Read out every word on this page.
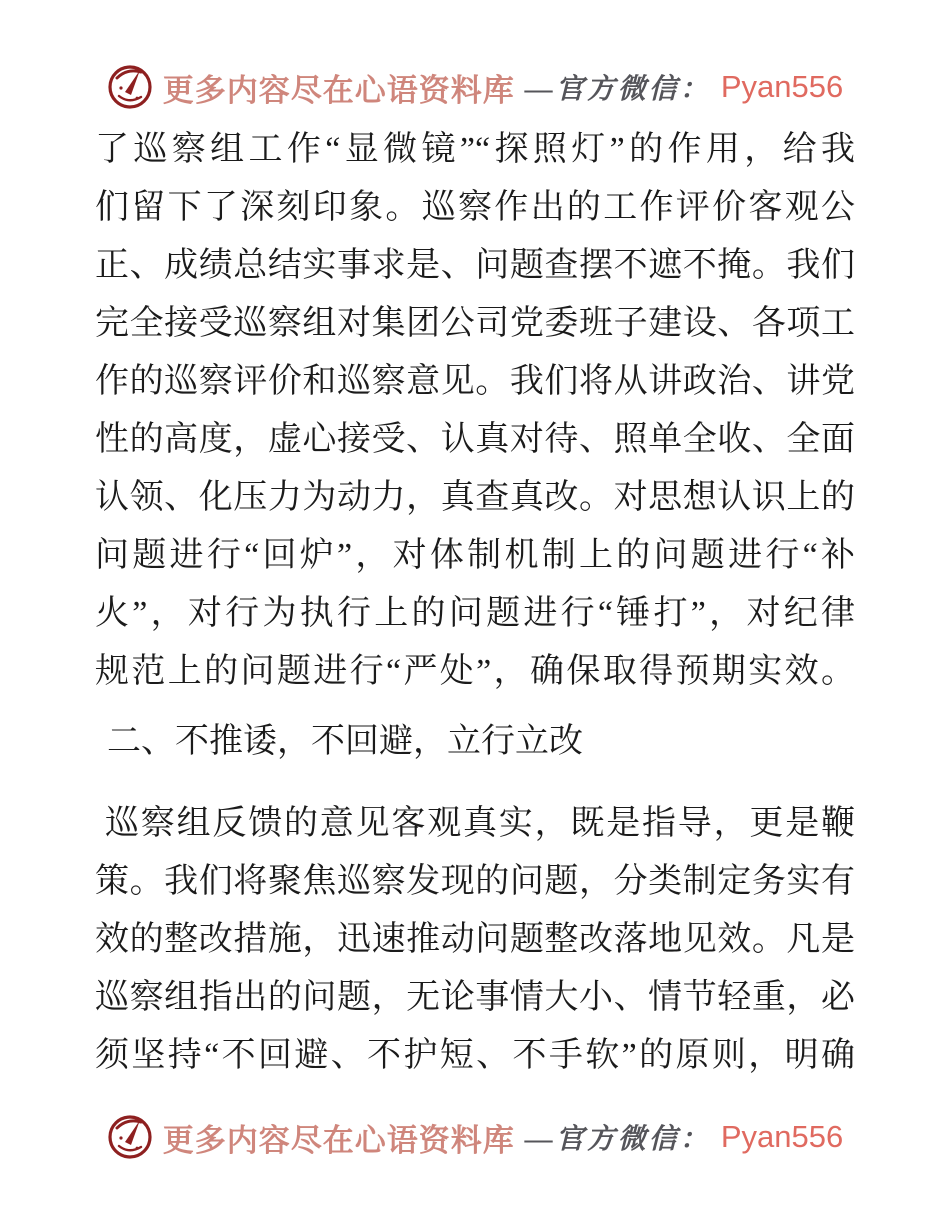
更多内容尽在心语资料库 —官方微信： Pyan556
了巡察组工作“显微镜”“探照灯”的作用，给我
们留下了深刻印象。巡察作出的工作评价客观公
正、成绩总结实事求是、问题查摆不遮不掩。我们
完全接受巡察组对集团公司党委班子建设、各项工
作的巡察评价和巡察意见。我们将从讲政治、讲党
性的高度，虚心接受、认真对待、照单全收、全面
认领、化压力为动力，真查真改。对思想认识上的
问题进行“回炉”，对体制机制上的问题进行“补
火”，对行为执行上的问题进行“锤打”，对纪律
规范上的问题进行“严处”，确保取得预期实效。
二、不推诿，不回避，立行立改
巡察组反馈的意见客观真实，既是指导，更是鞭
策。我们将聚焦巡察发现的问题，分类制定务实有
效的整改措施，迅速推动问题整改落地见效。凡是
巡察组指出的问题，无论事情大小、情节轻重，必
须坚持“不回避、不护短、不手软”的原则，明确
更多内容尽在心语资料库 —官方微信： Pyan556
